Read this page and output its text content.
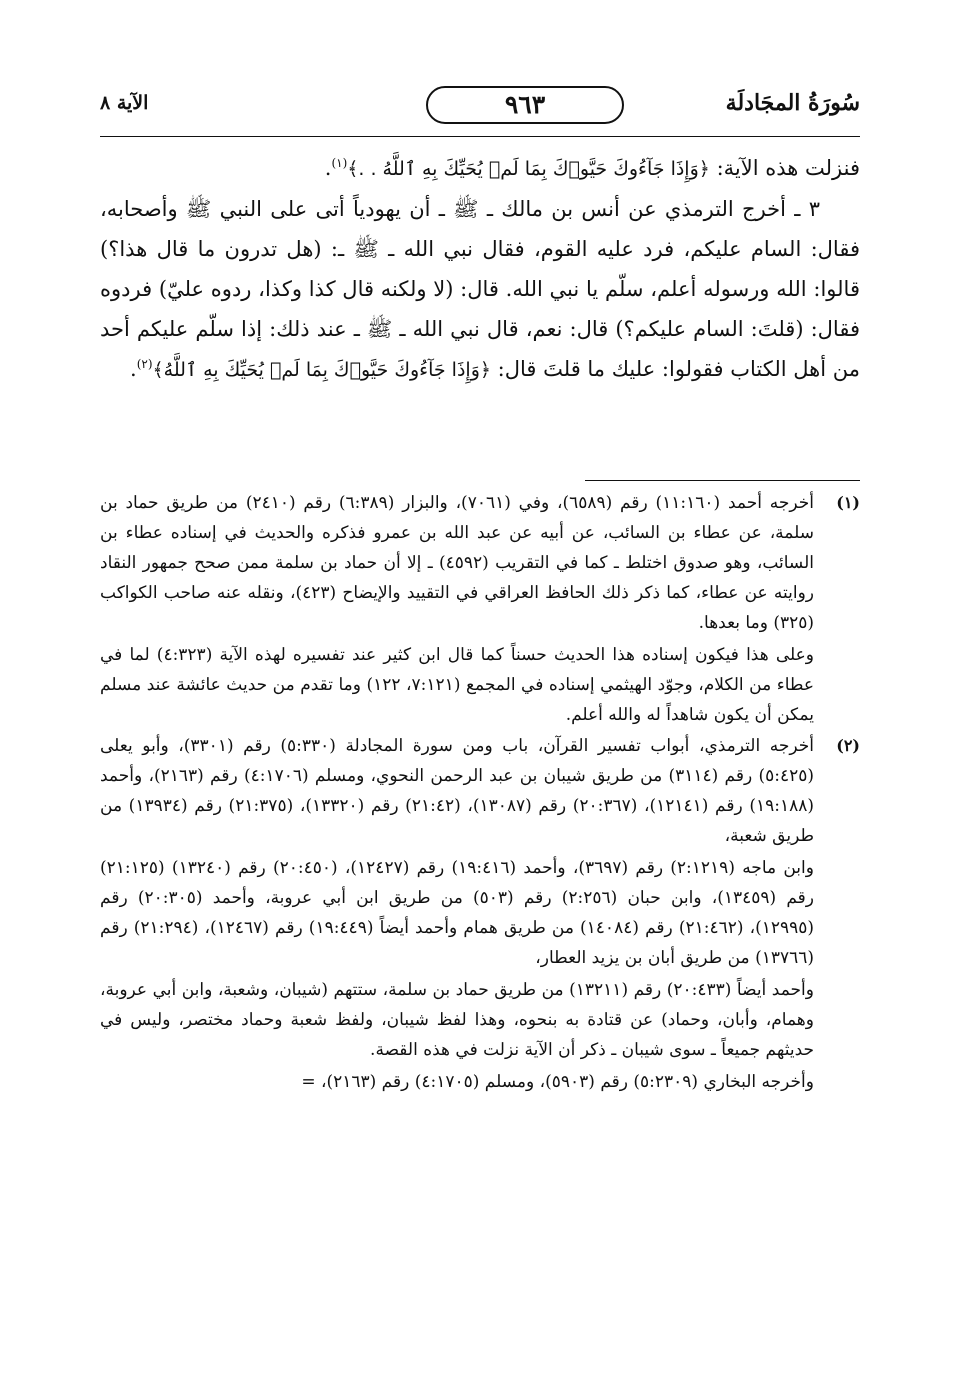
الآية ٨	٩٦٣	سُورَةُ المجَادلَة

فنزلت هذه الآية: ﴿وَإِذَا جَآءُوكَ حَيَّوۡكَ بِمَا لَمۡ يُحَيِّكَ بِهِ ٱللَّهُ . .﴾$^{(١)}$.

٣ ـ أخرج الترمذي عن أنس بن مالك ـ ﷺ ـ أن يهودياً أتى على النبي ﷺ وأصحابه، فقال: السام عليكم، فرد عليه القوم، فقال نبي الله ـ ﷺ ـ: (هل تدرون ما قال هذا؟) قالوا: الله ورسوله أعلم، سلّم يا نبي الله. قال: (لا ولكنه قال كذا وكذا، ردوه عليّ) فردوه فقال: (قلتَ: السام عليكم؟) قال: نعم، قال نبي الله ـ ﷺ ـ عند ذلك: إذا سلّم عليكم أحد من أهل الكتاب فقولوا: عليك ما قلتَ قال: ﴿وَإِذَا جَآءُوكَ حَيَّوۡكَ بِمَا لَمۡ يُحَيِّكَ بِهِ ٱللَّهُ﴾$^{(٢)}$.

(١)

أخرجه أحمد (١١:١٦٠) رقم (٦٥٨٩)، وفي (٧٠٦١)، والبزار (٦:٣٨٩) رقم (٢٤١٠) من طريق حماد بن سلمة، عن عطاء بن السائب، عن أبيه عن عبد الله بن عمرو فذكره والحديث في إسناده عطاء بن السائب، وهو صدوق اختلط ـ كما في التقريب (٤٥٩٢) ـ إلا أن حماد بن سلمة ممن صحح جمهور النقاد روايته عن عطاء، كما ذكر ذلك الحافظ العراقي في التقييد والإيضاح (٤٢٣)، ونقله عنه صاحب الكواكب (٣٢٥) وما بعدها.

وعلى هذا فيكون إسناده هذا الحديث حسناً كما قال ابن كثير عند تفسيره لهذه الآية (٤:٣٢٣) لما في عطاء من الكلام، وجوّد الهيثمي إسناده في المجمع (٧:١٢١، ١٢٢) وما تقدم من حديث عائشة عند مسلم يمكن أن يكون شاهداً له والله أعلم.

(٢)

أخرجه الترمذي، أبواب تفسير القرآن، باب ومن سورة المجادلة (٥:٣٣٠) رقم (٣٣٠١)، وأبو يعلى (٥:٤٢٥) رقم (٣١١٤) من طريق شيبان بن عبد الرحمن النحوي، ومسلم (٤:١٧٠٦) رقم (٢١٦٣)، وأحمد (١٩:١٨٨) رقم (١٢١٤١)، (٢٠:٣٦٧) رقم (١٣٠٨٧)، (٢١:٤٢) رقم (١٣٣٢٠)، (٢١:٣٧٥) رقم (١٣٩٣٤) من طريق شعبة،

وابن ماجه (٢:١٢١٩) رقم (٣٦٩٧)، وأحمد (١٩:٤١٦) رقم (١٢٤٢٧)، (٢٠:٤٥٠) رقم (١٣٢٤٠) (٢١:١٢٥) رقم (١٣٤٥٩)، وابن حبان (٢:٢٥٦) رقم (٥٠٣) من طريق ابن أبي عروبة، وأحمد (٢٠:٣٠٥) رقم (١٢٩٩٥)، (٢١:٤٦٢) رقم (١٤٠٨٤) من طريق همام وأحمد أيضاً (١٩:٤٤٩) رقم (١٢٤٦٧)، (٢١:٢٩٤) رقم (١٣٧٦٦) من طريق أبان بن يزيد العطار،

وأحمد أيضاً (٢٠:٤٣٣) رقم (١٣٢١١) من طريق حماد بن سلمة، ستتهم (شيبان، وشعبة، وابن أبي عروبة، وهمام، وأبان، وحماد) عن قتادة به بنحوه، وهذا لفظ شيبان، ولفظ شعبة وحماد مختصر، وليس في حديثهم جميعاً ـ سوى شيبان ـ ذكر أن الآية نزلت في هذه القصة.

وأخرجه البخاري (٥:٢٣٠٩) رقم (٥٩٠٣)، ومسلم (٤:١٧٠٥) رقم (٢١٦٣)، =
